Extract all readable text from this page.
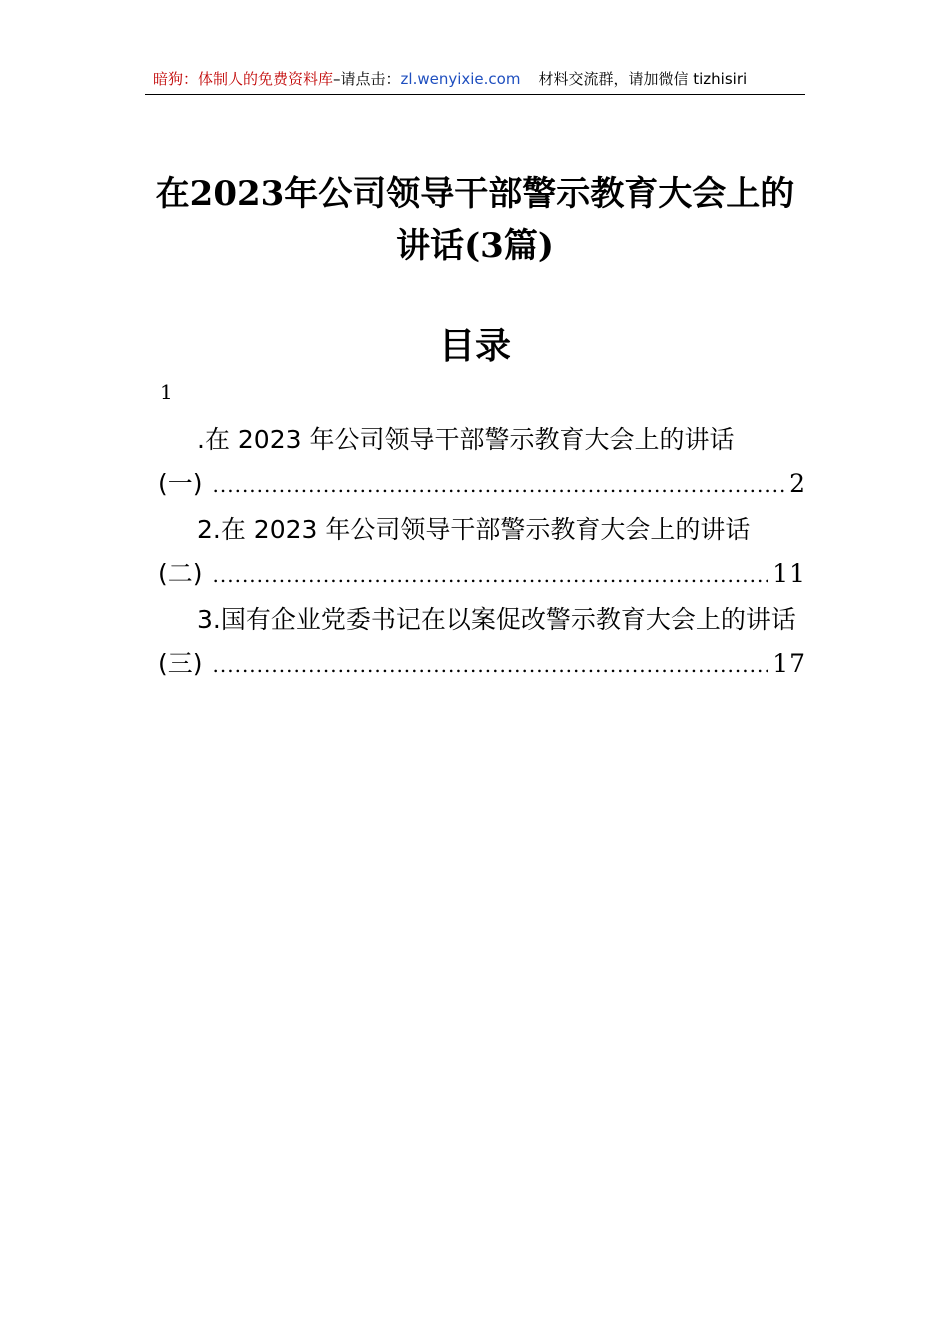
暗狗：体制人的免费资料库–请点击：zl.wenyixie.com 材料交流群，请加微信 tizhisiri
在2023年公司领导干部警示教育大会上的
讲话(3篇)
目录
1
.在 2023 年公司领导干部警示教育大会上的讲话
(一) .....	2
2.在 2023 年公司领导干部警示教育大会上的讲话
(二) .....	11
3.国有企业党委书记在以案促改警示教育大会上的讲话
(三) .....	17
